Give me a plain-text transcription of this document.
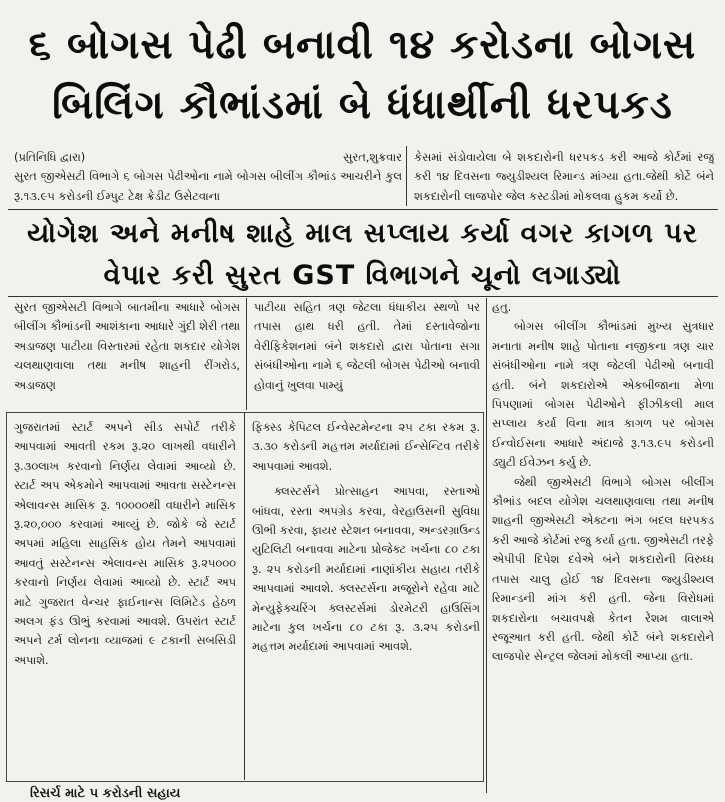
૬ બોગસ પેઢી બનાવી ૧૪ કરોડના બોગસ
બિલિંગ કૌભાંડમાં બે ધંધાર્થીની ધરપકડ
(પ્રતિનિધિ દ્વારા)	સુરત,શુક્રવાર

સુરત જીએસટી વિભાગે ૬ બોગસ પેઢીઓના નામે બોગસ બીલીંગ કૌભાંડ આચરીને કુલ રૂ.૧૩.૯૫ કરોડની ઈમ્પુટ ટેક્ષ ક્રેડીટ ઉસેટવાના

કેસમાં સંડોવાયેલા બે શકદારોની ધરપકડ કરી આજે કોર્ટમાં રજુ કરી ૧૪ દિવસના જ્યુડીશ્યલ રિમાન્ડ માંગ્યા હતા.જેથી કોર્ટે બંને શકદારોની લાજપોર જેલ કસ્ટડીમાં મોકલવા હુકમ કર્યો છે.

યોગેશ અને મનીષ શાહે માલ સપ્લાય કર્યા વગર કાગળ પર
વેપાર કરી સુરત GST વિભાગને ચૂનો લગાડ્યો

સુરત જીએસટી વિભાગે બાતમીના આધારે બોગસ બીલીંગ કૌભાંડની આશંકાના આધારે ગુંદી શેરી તથા અડાજણ પાટીયા વિસ્તારમાં રહેતા શકદાર યોગેશ ચલથાણવાલા તથા મનીષ શાહની રીંગરોડ, અડાજણ

પાટીયા સહિત ત્રણ જેટલા ધંધાકીય સ્થળો પર તપાસ હાથ ધરી હતી. તેમાં દસ્તાવેજોના વેરીફિકેશનમાં બંને શકદારો દ્વારા પોતાના સગા સંબંધીઓના નામે ૬ જેટલી બોગસ પેઢીઓ બનાવી હોવાનું ખુલવા પામ્યું

હતુ.

બોગસ બીલીંગ કૌભાંડમાં મુખ્ય સુત્રધાર મનાતા મનીષ શાહે પોતાના નજીકના ત્રણ ચાર સંબંધીઓના નામે ત્રણ જેટલી પેઢીઓ બનાવી હતી. બંને શકદારોએ એકબીજાના મેળા પિપણામાં બોગસ પેઢીઓને ફીઝીકલી માલ સપ્લાય કર્યા વિના માત્ર કાગળ પર બોગસ ઈન્વોઈસના આધારે અંદાજે રૂ.૧૩.૯૫ કરોડની ડ્યુટી ઈવેઝન કર્યુ છે.

જેથી જીએસટી વિભાગે બોગસ બીલીંગ કૌભાંડ બદલ યોગેશ ચલથાણવાલા તથા મનીષ શાહની જીએસટી એક્ટના ભંગ બદલ ધરપકડ કરી આજે કોર્ટમાં રજુ કર્યા હતા. જીએસટી તરફે એપીપી દિપેશ દવેએ બંને શકદારોની વિરુધ્ધ તપાસ ચાલુ હોઈ ૧૪ દિવસના જ્યુડીશ્યલ રિમાન્ડની માંગ કરી હતી. જેના વિરોધમાં શકદારોના બચાવપક્ષે કેતન રેશમ વાલાએ રજૂઆત કરી હતી. જેથી કોર્ટે બંને શકદારોને લાજપોર સેન્ટ્રલ જેલમાં મોકલી આપ્યા હતા.

ગુજરાતમાં સ્ટાર્ટ અપને સીડ સપોર્ટ તરીકે આપવામાં આવતી રકમ રૂ.૨૦ લાખથી વધારીને રૂ.૩૦લાખ કરવાનો નિર્ણય લેવામાં આવ્યો છે. સ્ટાર્ટ અપ એકમોને આપવામાં આવતા સસ્ટેનન્સ એલાવન્સ માસિક રૂ. ૧૦૦૦૦થી વધારીને માસિક રૂ.૨૦,૦૦૦ કરવામાં આવ્યું છે. જોકે જે સ્ટાર્ટ અપમાં મહિલા સાહસિક હોય તેમને આપવામાં આવતું સસ્ટેનન્સ એલાવન્સ માસિક રૂ.૨૫૦૦૦ કરવાનો નિર્ણય લેવામાં આવ્યો છે. સ્ટાર્ટ અપ માટે ગુજરાત વેન્ચર ફાઈનાન્સ લિમિટેડ હેઠળ અલગ ફંડ ઊભું કરવામાં આવશે. ઉપરાંત સ્ટાર્ટ અપને ટર્મ લોનના વ્યાજમાં ૯ ટકાની સબસિડી અપાશે.

ફિક્સ્ડ કેપિટલ ઈન્વેસ્ટમેન્ટના ૨૫ ટકા રકમ રૂ. ૩.૩૦ કરોડની મહત્તમ મર્યાદામાં ઈન્સેન્ટિવ તરીકે આપવામાં આવશે.

ક્લસ્ટર્સને પ્રોત્સાહન આપવા, રસ્તાઓ બાંધવા, રસ્તા અપગ્રેડ કરવા, વેરહાઉસની સુવિધા ઊભી કરવા, ફાયર સ્ટેશન બનાવવા, અન્ડરગ્રાઉન્ડ યુટિલિટી બનાવવા માટેના પ્રોજેક્ટ ખર્ચના ૮૦ ટકા રૂ. ૨૫ કરોડની મર્યાદામાં નાણાંકીય સહાય તરીકે આપવામાં આવશે. ક્લસ્ટર્સના મજૂરોને રહેવા માટે મેન્યુફેક્ચરિંગ ક્લસ્ટર્સમાં ડોરમેટરી હાઉસિંગ માટેના કુલ ખર્ચના ૮૦ ટકા રૂ. ૩.૨૫ કરોડની મહત્તમ મર્યાદામાં આપવામાં આવશે.

રિસર્ચ માટે ૫ કરોડની સહાય
